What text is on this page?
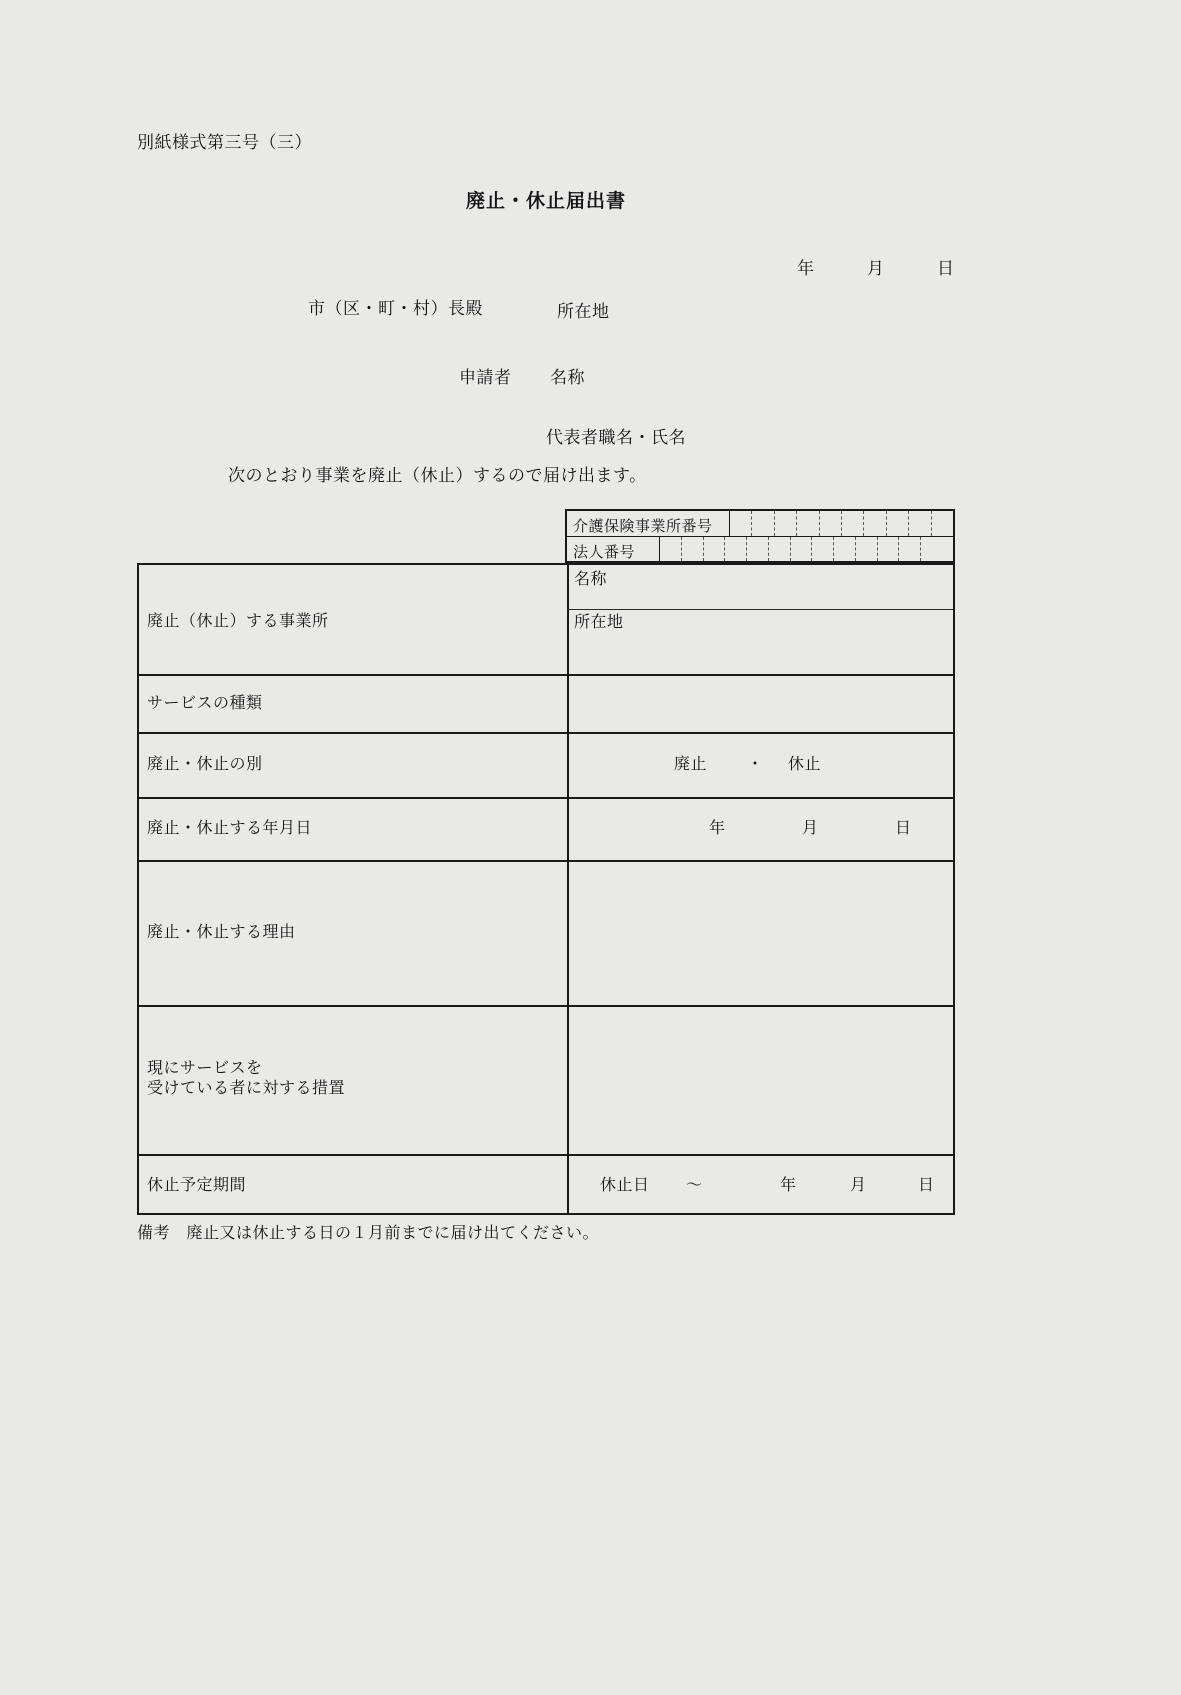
別紙様式第三号（三）
廃止・休止届出書
年	月	日
市（区・町・村）長殿	所在地
申請者 名称
代表者職名・氏名
次のとおり事業を廃止（休止）するので届け出ます。
介護保険事業所番号
法人番号
廃止（休止）する事業所
名称
所在地
サービスの種類
廃止・休止の別	廃止 ・ 休止
廃止・休止する年月日	年	月	日
廃止・休止する理由
現にサービスを
受けている者に対する措置
休止予定期間	休止日 ～	年	月	日
備考　 廃止又は休止する日の１月前までに届け出てください。
